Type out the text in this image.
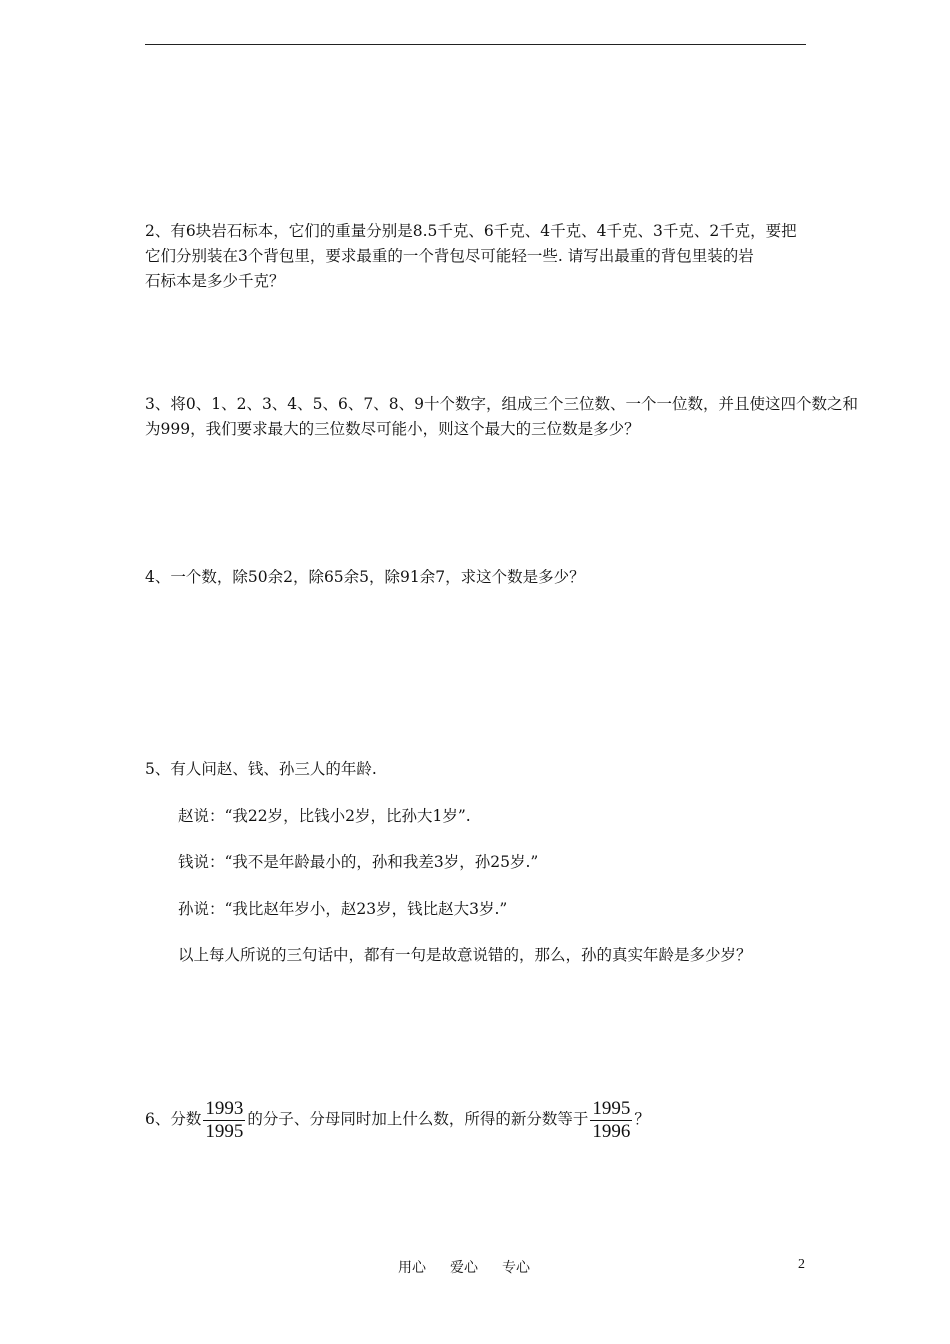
2、有6块岩石标本，它们的重量分别是8.5千克、6千克、4千克、4千克、3千克、2千克，要把
它们分别装在3个背包里，要求最重的一个背包尽可能轻一些. 请写出最重的背包里装的岩
石标本是多少千克？
3、将0、1、2、3、4、5、6、7、8、9十个数字，组成三个三位数、一个一位数，并且使这四个数之和
为999，我们要求最大的三位数尽可能小，则这个最大的三位数是多少？
4、一个数，除50余2，除65余5，除91余7，求这个数是多少？
5、有人问赵、钱、孙三人的年龄.
赵说：“我22岁，比钱小2岁，比孙大1岁”.
钱说：“我不是年龄最小的，孙和我差3岁，孙25岁.”
孙说：“我比赵年岁小，赵23岁，钱比赵大3岁.”
以上每人所说的三句话中，都有一句是故意说错的，那么，孙的真实年龄是多少岁？
6、分数 $\frac{1993}{1995}$ 的分子、分母同时加上什么数，所得的新分数等于 $\frac{1995}{1996}$ ？
用心 爱心 专心	2
